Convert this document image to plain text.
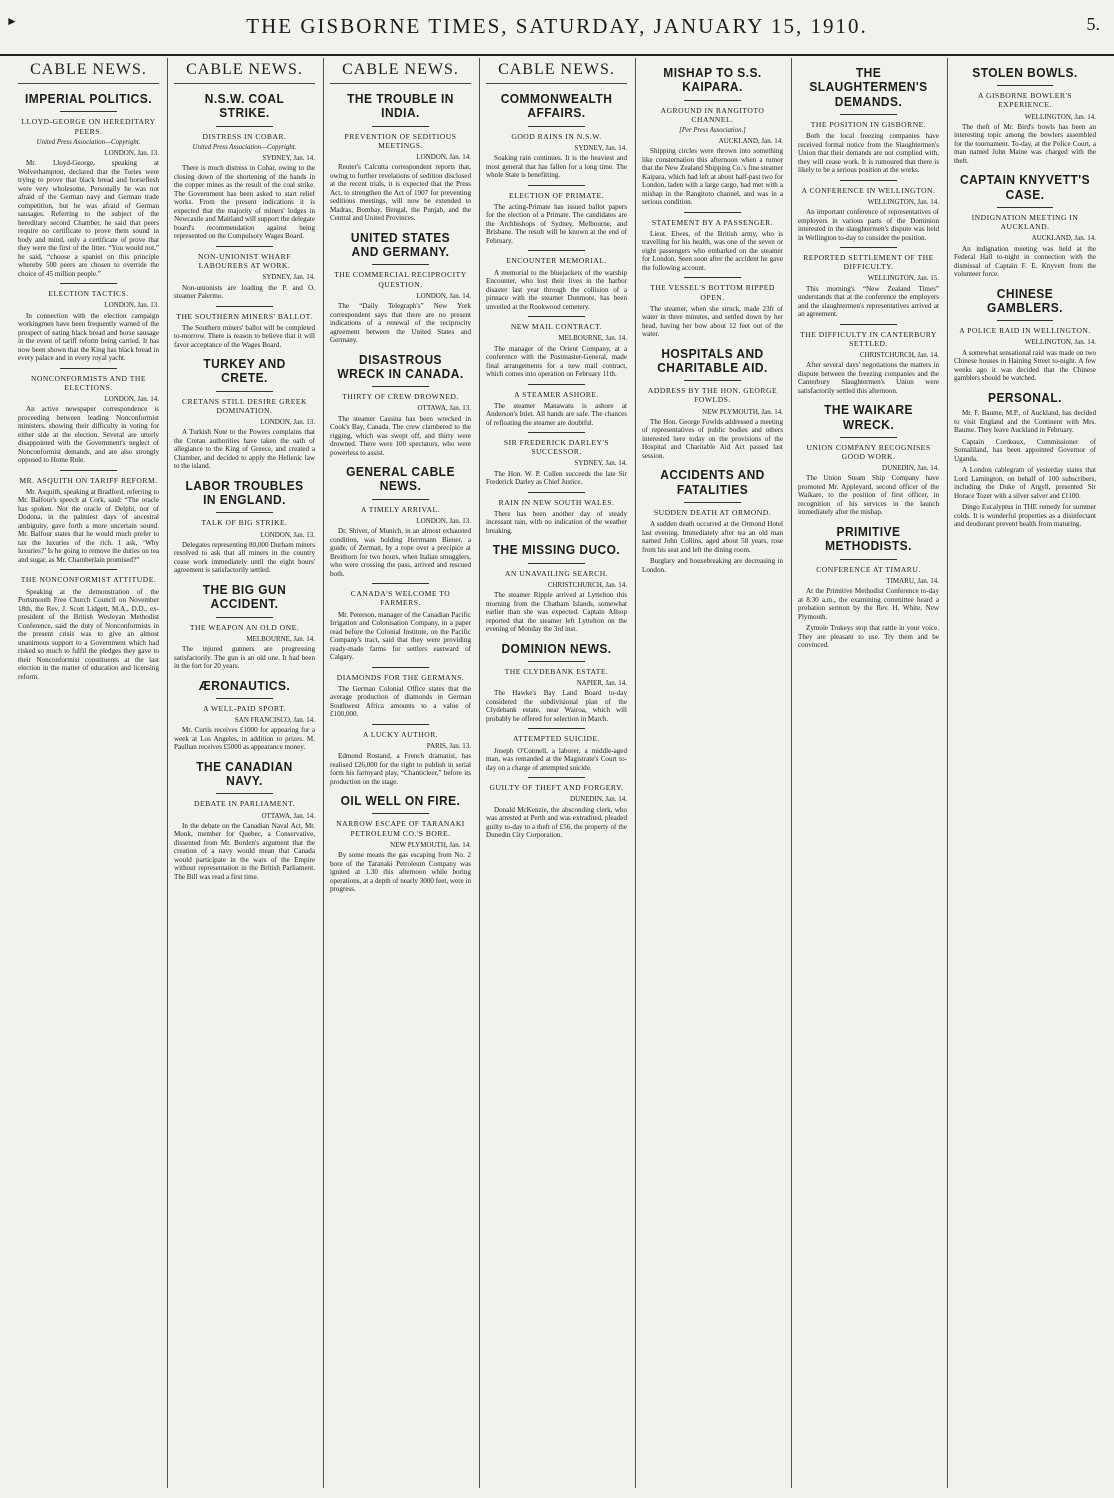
►	THE GISBORNE TIMES, SATURDAY, JANUARY 15, 1910.	5.
CABLE NEWS.
IMPERIAL POLITICS.
LLOYD-GEORGE ON HEREDITARY PEERS.
United Press Association—Copyright.
LONDON, Jan. 13.

Mr. Lloyd-George, speaking at Wolverhampton, declared that the Tories were trying to prove that black bread and horseflesh were very wholesome. Personally he was not afraid of the German navy and German trade competition, but he was afraid of German sausages. Referring to the subject of the hereditary second Chamber, he said that peers require no certificate to prove them sound in body and mind, only a certificate of prove that they were the first of the litter. “You would not,” he said, “choose a spaniel on this principle whereby 500 peers are chosen to override the choice of 45 million people.”

ELECTION TACTICS.
LONDON, Jan. 13.

In connection with the election campaign workingmen have been frequently warned of the prospect of eating black bread and horse sausage in the event of tariff reform being carried. It has now been shown that the King has black bread in every palace and in every royal yacht.

NONCONFORMISTS AND THE ELECTIONS.
LONDON, Jan. 14.

An active newspaper correspondence is proceeding between leading Nonconformist ministers, showing their difficulty in voting for either side at the election. Several are utterly disappointed with the Government's neglect of Nonconformist demands, and are also strongly opposed to Home Rule.

MR. ASQUITH ON TARIFF REFORM.

Mr. Asquith, speaking at Bradford, referring to Mr. Balfour's speech at Cork, said: “The oracle has spoken. Not the oracle of Delphi, nor of Dodona, in the palmiest days of ancestral ambiguity, gave forth a more uncertain sound. Mr. Balfour states that he would much prefer to tax the luxuries of the rich. I ask, ‘Why luxuries?’ Is he going to remove the duties on tea and sugar, as Mr. Chamberlain promised?”

THE NONCONFORMIST ATTITUDE.

Speaking at the demonstration of the Portsmouth Free Church Council on November 18th, the Rev. J. Scott Lidgett, M.A., D.D., ex-president of the British Wesleyan Methodist Conference, said the duty of Nonconformists in the present crisis was to give an almost unanimous support to a Government which had risked so much to fulfil the pledges they gave to their Nonconformist constituents at the last election in the matter of education and licensing reform.

CABLE NEWS.
N.S.W. COAL STRIKE.
DISTRESS IN COBAR.
United Press Association—Copyright.
SYDNEY, Jan. 14.

There is much distress in Cobar, owing to the closing down of the shortening of the hands in the copper mines as the result of the coal strike. The Government has been asked to start relief works. From the present indications it is expected that the majority of miners' lodges in Newcastle and Maitland will support the delegate board's recommendation against being represented on the Compulsory Wages Board.

NON-UNIONIST WHARF LABOURERS AT WORK.
SYDNEY, Jan. 14.

Non-unionists are loading the P. and O. steamer Palermo.

THE SOUTHERN MINERS' BALLOT.

The Southern miners' ballot will be completed to-morrow. There is reason to believe that it will favor acceptance of the Wages Board.

TURKEY AND CRETE.
CRETANS STILL DESIRE GREEK DOMINATION.
LONDON, Jan. 13.

A Turkish Note to the Powers complains that the Cretan authorities have taken the oath of allegiance to the King of Greece, and created a Chamber, and decided to apply the Hellenic law to the island.

LABOR TROUBLES IN ENGLAND.
TALK OF BIG STRIKE.
LONDON, Jan. 13.

Delegates representing 80,000 Durham miners resolved to ask that all miners in the country cease work immediately until the eight hours' agreement is satisfactorily settled.

THE BIG GUN ACCIDENT.
THE WEAPON AN OLD ONE.
MELBOURNE, Jan. 14.

The injured gunners are progressing satisfactorily. The gun is an old one. It had been in the fort for 20 years.

ÆRONAUTICS.
A WELL-PAID SPORT.
SAN FRANCISCO, Jan. 14.

Mr. Curtis receives £1000 for appearing for a week at Los Angeles, in addition to prizes. M. Paulhan receives £5000 as appearance money.

THE CANADIAN NAVY.
DEBATE IN PARLIAMENT.
OTTAWA, Jan. 14.

In the debate on the Canadian Naval Act, Mr. Monk, member for Quebec, a Conservative, dissented from Mr. Borden's argument that the creation of a navy would mean that Canada would participate in the wars of the Empire without representation in the British Parliament. The Bill was read a first time.

CABLE NEWS.
THE TROUBLE IN INDIA.
PREVENTION OF SEDITIOUS MEETINGS.
LONDON, Jan. 14.

Reuter's Calcutta correspondent reports that, owing to further revelations of sedition disclosed at the recent trials, it is expected that the Press Act, to strengthen the Act of 1907 for preventing seditious meetings, will now be extended to Madras, Bombay, Bengal, the Punjab, and the Central and United Provinces.

UNITED STATES AND GERMANY.
THE COMMERCIAL RECIPROCITY QUESTION.
LONDON, Jan. 14.

The “Daily Telegraph's” New York correspondent says that there are no present indications of a renewal of the reciprocity agreement between the United States and Germany.

DISASTROUS WRECK IN CANADA.
THIRTY OF CREW DROWNED.
OTTAWA, Jan. 13.

The steamer Cassina has been wrecked in Cook's Bay, Canada. The crew clambered to the rigging, which was swept off, and thirty were drowned. There were 100 spectators, who were powerless to assist.

GENERAL CABLE NEWS.
A TIMELY ARRIVAL.
LONDON, Jan. 13.

Dr. Shiver, of Munich, in an almost exhausted condition, was holding Herrmann Biener, a guide, of Zermatt, by a rope over a precipice at Breithorn for two hours, when Italian smugglers, who were crossing the pass, arrived and rescued both.

CANADA'S WELCOME TO FARMERS.

Mr. Peterson, manager of the Canadian Pacific Irrigation and Colonisation Company, in a paper read before the Colonial Institute, on the Pacific Company's tract, said that they were providing ready-made farms for settlers eastward of Calgary.

DIAMONDS FOR THE GERMANS.

The German Colonial Office states that the average production of diamonds in German Southwest Africa amounts to a value of £100,000.

A LUCKY AUTHOR.
PARIS, Jan. 13.

Edmond Rostand, a French dramatist, has realised £26,000 for the right to publish in serial form his farmyard play, “Chanticleer,” before its production on the stage.

OIL WELL ON FIRE.
NARROW ESCAPE OF TARANAKI PETROLEUM CO.'S BORE.
NEW PLYMOUTH, Jan. 14.

By some means the gas escaping from No. 2 bore of the Taranaki Petroleum Company was ignited at 1.30 this afternoon while boring operations, at a depth of nearly 3000 feet, were in progress.

CABLE NEWS.
COMMONWEALTH AFFAIRS.
GOOD RAINS IN N.S.W.
SYDNEY, Jan. 14.

Soaking rain continues. It is the heaviest and most general that has fallen for a long time. The whole State is benefitting.

ELECTION OF PRIMATE.

The acting-Primate has issued ballot papers for the election of a Primate. The candidates are the Archbishops of Sydney, Melbourne, and Brisbane. The result will be known at the end of February.

ENCOUNTER MEMORIAL.

A memorial to the bluejackets of the warship Encounter, who lost their lives in the harbor disaster last year through the collision of a pinnace with the steamer Dunmore, has been unveiled at the Rookwood cemetery.

NEW MAIL CONTRACT.
MELBOURNE, Jan. 14.

The manager of the Orient Company, at a conference with the Postmaster-General, made final arrangements for a new mail contract, which comes into operation on February 11th.

A STEAMER ASHORE.

The steamer Manawatu is ashore at Anderson's Inlet. All hands are safe. The chances of refloating the steamer are doubtful.

SIR FREDERICK DARLEY'S SUCCESSOR.
SYDNEY, Jan. 14.

The Hon. W. P. Cullen succeeds the late Sir Frederick Darley as Chief Justice.

RAIN IN NEW SOUTH WALES.

There has been another day of steady incessant rain, with no indication of the weather breaking.

THE MISSING DUCO.
AN UNAVAILING SEARCH.
CHRISTCHURCH, Jan. 14.

The steamer Ripple arrived at Lyttelton this morning from the Chatham Islands, somewhat earlier than she was expected. Captain Allsop reported that the steamer left Lyttelton on the evening of Monday the 3rd inst.

DOMINION NEWS.
THE CLYDEBANK ESTATE.
NAPIER, Jan. 14.

The Hawke's Bay Land Board to-day considered the subdivisional plan of the Clydebank estate, near Wairoa, which will probably be offered for selection in March.

ATTEMPTED SUICIDE.

Joseph O'Connell, a laborer, a middle-aged man, was remanded at the Magistrate's Court to-day on a charge of attempted suicide.

GUILTY OF THEFT AND FORGERY.
DUNEDIN, Jan. 14.

Donald McKenzie, the absconding clerk, who was arrested at Perth and was extradited, pleaded guilty to-day to a theft of £56, the property of the Dunedin City Corporation.

MISHAP TO S.S. KAIPARA.
AGROUND IN RANGITOTO CHANNEL.
[Per Press Association.]
AUCKLAND, Jan. 14.

Shipping circles were thrown into something like consternation this afternoon when a rumor that the New Zealand Shipping Co.'s fine steamer Kaipara, which had left at about half-past two for London, laden with a large cargo, had met with a mishap in the Rangitoto channel, and was in a serious condition.

STATEMENT BY A PASSENGER.

Lieut. Elwes, of the British army, who is travelling for his health, was one of the seven or eight passengers who embarked on the steamer for London. Seen soon after the accident he gave the following account.

THE VESSEL'S BOTTOM RIPPED OPEN.

The steamer, when she struck, made 23ft of water in three minutes, and settled down by her head, having her bow about 12 feet out of the water.

HOSPITALS AND CHARITABLE AID.
ADDRESS BY THE HON. GEORGE FOWLDS.
NEW PLYMOUTH, Jan. 14.

The Hon. George Fowlds addressed a meeting of representatives of public bodies and others interested here today on the provisions of the Hospital and Charitable Aid Act passed last session.

ACCIDENTS AND FATALITIES
SUDDEN DEATH AT ORMOND.

A sudden death occurred at the Ormond Hotel last evening. Immediately after tea an old man named John Collins, aged about 58 years, rose from his seat and left the dining room.

Burglary and housebreaking are decreasing in London.

THE SLAUGHTERMEN'S DEMANDS.
THE POSITION IN GISBORNE.

Both the local freezing companies have received formal notice from the Slaughtermen's Union that their demands are not complied with, they will cease work. It is rumoured that there is likely to be a serious position at the works.

A CONFERENCE IN WELLINGTON.
WELLINGTON, Jan. 14.

An important conference of representatives of employers in various parts of the Dominion interested in the slaughtermen's dispute was held in Wellington to-day to consider the position.

REPORTED SETTLEMENT OF THE DIFFICULTY.
WELLINGTON, Jan. 15.

This morning's “New Zealand Times” understands that at the conference the employers and the slaughtermen's representatives arrived at an agreement.

THE DIFFICULTY IN CANTERBURY SETTLED.
CHRISTCHURCH, Jan. 14.

After several days' negotiations the matters in dispute between the freezing companies and the Canterbury Slaughtermen's Union were satisfactorily settled this afternoon.

THE WAIKARE WRECK.
UNION COMPANY RECOGNISES GOOD WORK.
DUNEDIN, Jan. 14.

The Union Steam Ship Company have promoted Mr. Appleyard, second officer of the Waikare, to the position of first officer, in recognition of his services in the launch immediately after the mishap.

PRIMITIVE METHODISTS.
CONFERENCE AT TIMARU.
TIMARU, Jan. 14.

At the Primitive Methodist Conference to-day at 8.30 a.m., the examining committee heard a probation sermon by the Rev. H. White, New Plymouth.

Zymole Trokeys stop that rattle in your voice. They are pleasant to use. Try them and be convinced.

STOLEN BOWLS.
A GISBORNE BOWLER'S EXPERIENCE.
WELLINGTON, Jan. 14.

The theft of Mr. Bird's bowls has been an interesting topic among the bowlers assembled for the tournament. To-day, at the Police Court, a man named John Maine was charged with the theft.

CAPTAIN KNYVETT'S CASE.
INDIGNATION MEETING IN AUCKLAND.
AUCKLAND, Jan. 14.

An indignation meeting was held at the Federal Hall to-night in connection with the dismissal of Captain F. E. Knyvett from the volunteer force.

CHINESE GAMBLERS.
A POLICE RAID IN WELLINGTON.
WELLINGTON, Jan. 14.

A somewhat sensational raid was made on two Chinese houses in Haining Street to-night. A few weeks ago it was decided that the Chinese gamblers should be watched.

PERSONAL.

Mr. F. Baume, M.P., of Auckland, has decided to visit England and the Continent with Mrs. Baume. They leave Auckland in February.

Captain Cordeaux, Commissioner of Somaliland, has been appointed Governor of Uganda.

A London cablegram of yesterday states that Lord Lamington, on behalf of 100 subscribers, including the Duke of Argyll, presented Sir Horace Tozer with a silver salver and £1100.

Dingo Eucalyptus in THE remedy for summer colds. It is wonderful properties as a disinfectant and deodorant prevent health from maturing.
